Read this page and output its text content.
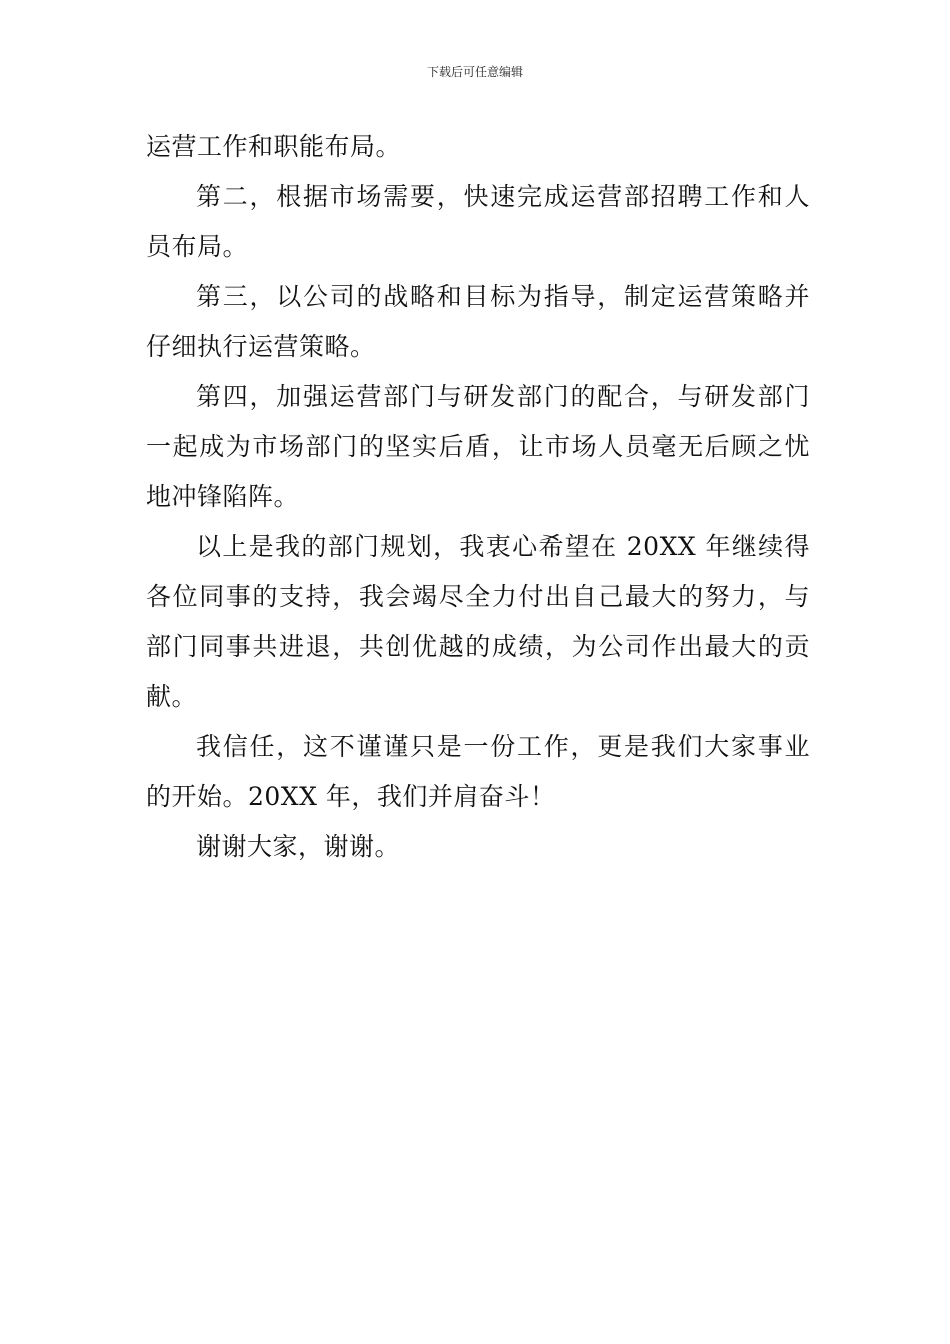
下载后可任意编辑
运营工作和职能布局。
第二，根据市场需要，快速完成运营部招聘工作和人
员布局。
第三，以公司的战略和目标为指导，制定运营策略并
仔细执行运营策略。
第四，加强运营部门与研发部门的配合，与研发部门
一起成为市场部门的坚实后盾，让市场人员毫无后顾之忧
地冲锋陷阵。
以上是我的部门规划，我衷心希望在 20XX 年继续得
各位同事的支持，我会竭尽全力付出自己最大的努力，与
部门同事共进退，共创优越的成绩，为公司作出最大的贡
献。
我信任，这不谨谨只是一份工作，更是我们大家事业
的开始。20XX 年，我们并肩奋斗！
谢谢大家，谢谢。
